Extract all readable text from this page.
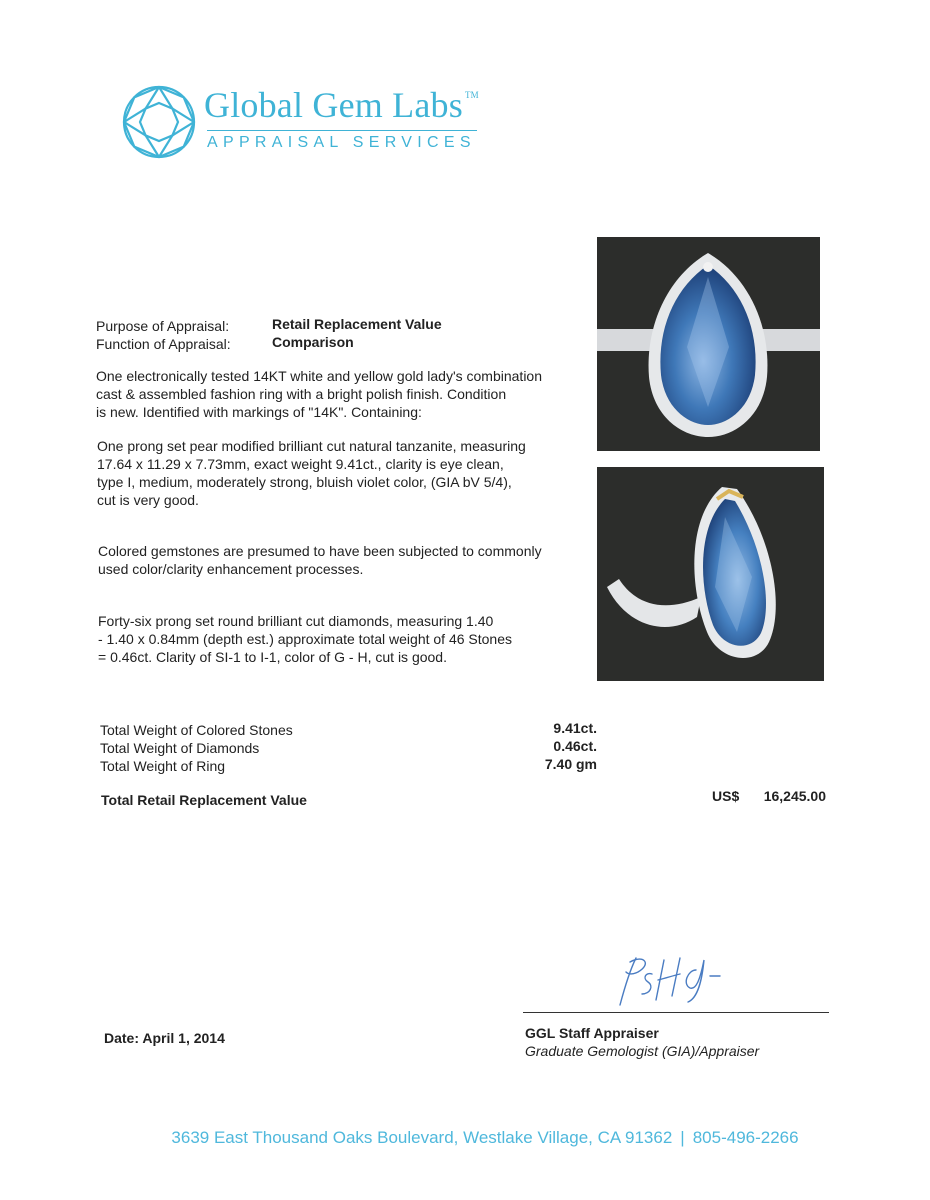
Global Gem Labs ™
APPRAISAL SERVICES
Purpose of Appraisal:	Retail Replacement Value
Function of Appraisal:	Comparison
One electronically tested 14KT white and yellow gold lady's combination
cast & assembled fashion ring with a bright polish finish. Condition
is new. Identified with markings of "14K". Containing:
One prong set pear modified brilliant cut natural tanzanite, measuring
17.64 x 11.29 x 7.73mm, exact weight 9.41ct., clarity is eye clean,
type I, medium, moderately strong, bluish violet color, (GIA bV 5/4),
cut is very good.
Colored gemstones are presumed to have been subjected to commonly
used color/clarity enhancement processes.
Forty-six prong set round brilliant cut diamonds, measuring 1.40
- 1.40 x 0.84mm (depth est.) approximate total weight of 46 Stones
= 0.46ct. Clarity of SI-1 to I-1, color of G - H, cut is good.
Total Weight of Colored Stones	9.41ct.
Total Weight of Diamonds	0.46ct.
Total Weight of Ring	7.40 gm
Total Retail Replacement Value	US$	16,245.00
Date: April 1, 2014	GGL Staff Appraiser
Graduate Gemologist (GIA)/Appraiser
3639 East Thousand Oaks Boulevard, Westlake Village, CA 91362 | 805-496-2266
